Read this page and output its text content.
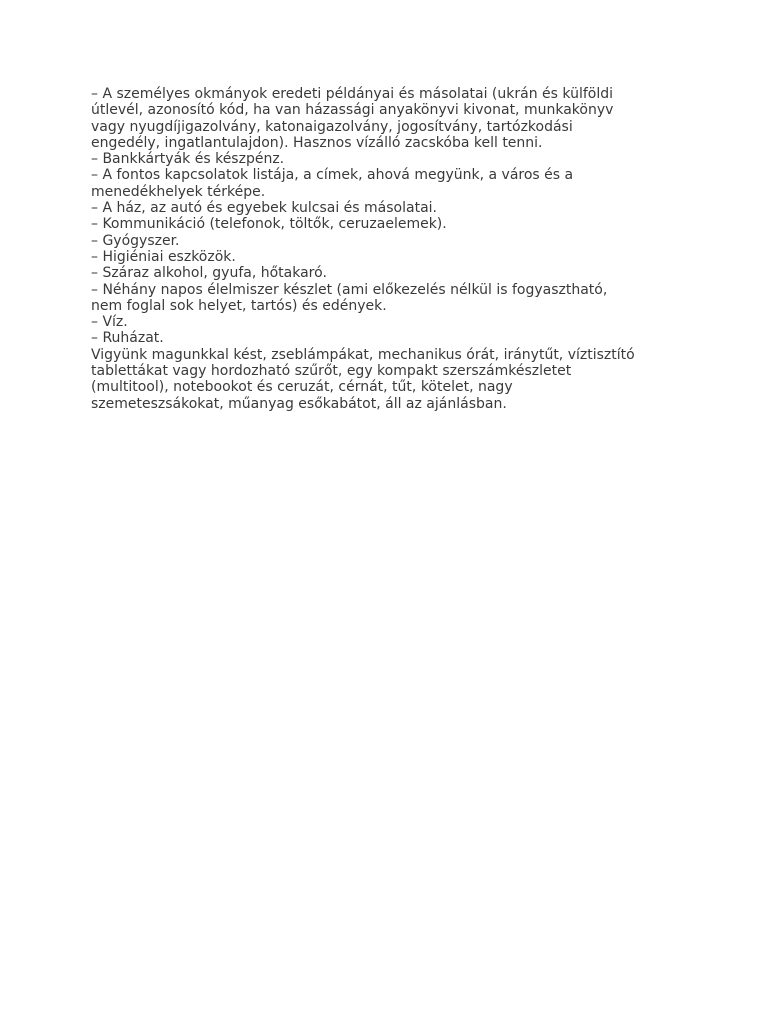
– A személyes okmányok eredeti példányai és másolatai (ukrán és külföldi
útlevél, azonosító kód, ha van házassági anyakönyvi kivonat, munkakönyv
vagy nyugdíjigazolvány, katonaigazolvány, jogosítvány, tartózkodási
engedély, ingatlantulajdon). Hasznos vízálló zacskóba kell tenni.
– Bankkártyák és készpénz.
– A fontos kapcsolatok listája, a címek, ahová megyünk, a város és a
menedékhelyek térképe.
– A ház, az autó és egyebek kulcsai és másolatai.
– Kommunikáció (telefonok, töltők, ceruzaelemek).
– Gyógyszer.
– Higiéniai eszközök.
– Száraz alkohol, gyufa, hőtakaró.
– Néhány napos élelmiszer készlet (ami előkezelés nélkül is fogyasztható,
nem foglal sok helyet, tartós) és edények.
– Víz.
– Ruházat.
Vigyünk magunkkal kést, zseblámpákat, mechanikus órát, iránytűt, víztisztító
tablettákat vagy hordozható szűrőt, egy kompakt szerszámkészletet
(multitool), notebookot és ceruzát, cérnát, tűt, kötelet, nagy
szemeteszsákokat, műanyag esőkabátot, áll az ajánlásban.
